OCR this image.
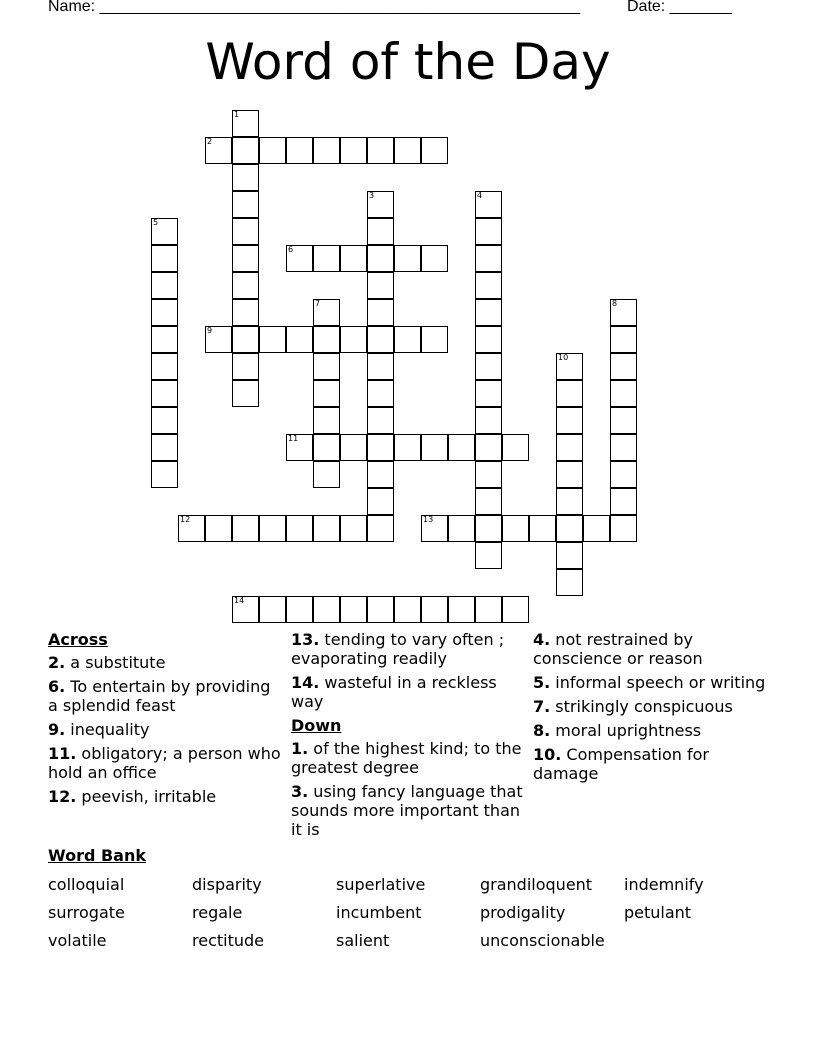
Name: ______________________________________________________	Date: _______
Word of the Day
1
2
3	4
5
6
7	8
9
10
11
12	13
14
Across
2. a substitute
6. To entertain by providing a splendid feast
9. inequality
11. obligatory; a person who hold an office
12. peevish, irritable
13. tending to vary often ; evaporating readily
14. wasteful in a reckless way
Down
1. of the highest kind; to the greatest degree
3. using fancy language that sounds more important than it is
4. not restrained by conscience or reason
5. informal speech or writing
7. strikingly conspicuous
8. moral uprightness
10. Compensation for damage
Word Bank
colloquial	disparity	superlative	grandiloquent indemnify
surrogate	regale	incumbent	prodigality	petulant
volatile	rectitude	salient	unconscionable
